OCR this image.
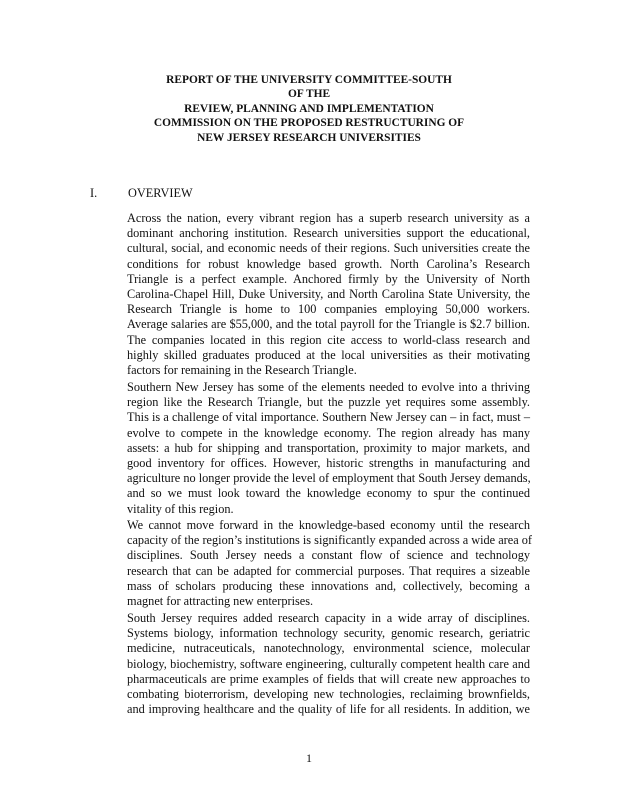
REPORT OF THE UNIVERSITY COMMITTEE-SOUTH
OF THE
REVIEW, PLANNING AND IMPLEMENTATION
COMMISSION ON THE PROPOSED RESTRUCTURING OF
NEW JERSEY RESEARCH UNIVERSITIES
I.	OVERVIEW
Across the nation, every vibrant region has a superb research university as a
dominant anchoring institution. Research universities support the educational,
cultural, social, and economic needs of their regions. Such universities create the
conditions for robust knowledge based growth. North Carolina’s Research
Triangle is a perfect example. Anchored firmly by the University of North
Carolina-Chapel Hill, Duke University, and North Carolina State University, the
Research Triangle is home to 100 companies employing 50,000 workers.
Average salaries are $55,000, and the total payroll for the Triangle is $2.7 billion.
The companies located in this region cite access to world-class research and
highly skilled graduates produced at the local universities as their motivating
factors for remaining in the Research Triangle.
Southern New Jersey has some of the elements needed to evolve into a thriving
region like the Research Triangle, but the puzzle yet requires some assembly.
This is a challenge of vital importance. Southern New Jersey can – in fact, must –
evolve to compete in the knowledge economy. The region already has many
assets: a hub for shipping and transportation, proximity to major markets, and
good inventory for offices. However, historic strengths in manufacturing and
agriculture no longer provide the level of employment that South Jersey demands,
and so we must look toward the knowledge economy to spur the continued
vitality of this region.
We cannot move forward in the knowledge-based economy until the research
capacity of the region’s institutions is significantly expanded across a wide area of
disciplines. South Jersey needs a constant flow of science and technology
research that can be adapted for commercial purposes. That requires a sizeable
mass of scholars producing these innovations and, collectively, becoming a
magnet for attracting new enterprises.
South Jersey requires added research capacity in a wide array of disciplines.
Systems biology, information technology security, genomic research, geriatric
medicine, nutraceuticals, nanotechnology, environmental science, molecular
biology, biochemistry, software engineering, culturally competent health care and
pharmaceuticals are prime examples of fields that will create new approaches to
combating bioterrorism, developing new technologies, reclaiming brownfields,
and improving healthcare and the quality of life for all residents. In addition, we
1
